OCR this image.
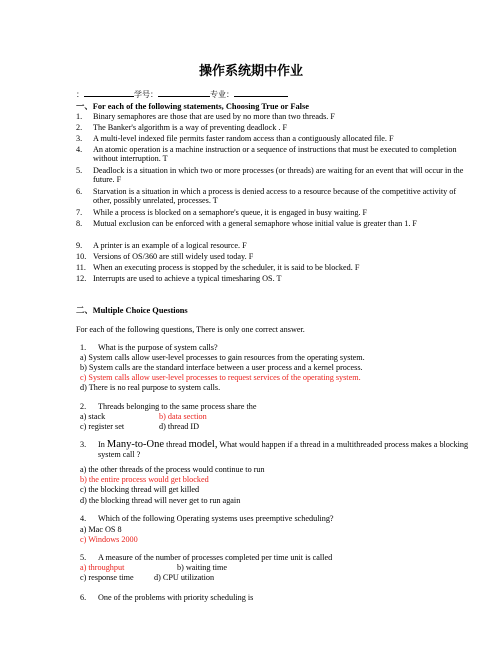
操作系统期中作业
：	学号：	专业：
一、For each of the following statements, Choosing True or False
1. Binary semaphores are those that are used by no more than two threads. F
2. The Banker's algorithm is a way of preventing deadlock . F
3. A multi-level indexed file permits faster random access than a contiguously allocated file. F
4. An atomic operation is a machine instruction or a sequence of instructions that must be executed to completion without interruption. T
5. Deadlock is a situation in which two or more processes (or threads) are waiting for an event that will occur in the future. F
6. Starvation is a situation in which a process is denied access to a resource because of the competitive activity of other, possibly unrelated, processes. T
7. While a process is blocked on a semaphore's queue, it is engaged in busy waiting. F
8. Mutual exclusion can be enforced with a general semaphore whose initial value is greater than 1. F
9. A printer is an example of a logical resource. F
10. Versions of OS/360 are still widely used today. F
11. When an executing process is stopped by the scheduler, it is said to be blocked. F
12. Interrupts are used to achieve a typical timesharing OS. T
二、Multiple Choice Questions
For each of the following questions, There is only one correct answer.
1. What is the purpose of system calls?
a) System calls allow user-level processes to gain resources from the operating system.
b) System calls are the standard interface between a user process and a kernel process.
c) System calls allow user-level processes to request services of the operating system.
d) There is no real purpose to system calls.
2. Threads belonging to the same process share the
a) stack	b) data section
c) register set	d) thread ID
3. In Many-to-One thread model, What would happen if a thread in a multithreaded process makes a blocking system call ?
a) the other threads of the process would continue to run
b) the entire process would get blocked
c) the blocking thread will get killed
d) the blocking thread will never get to run again
4. Which of the following Operating systems uses preemptive scheduling?
a) Mac OS 8
c) Windows 2000
5. A measure of the number of processes completed per time unit is called
a) throughput	b) waiting time
c) response time d) CPU utilization
6. One of the problems with priority scheduling is
